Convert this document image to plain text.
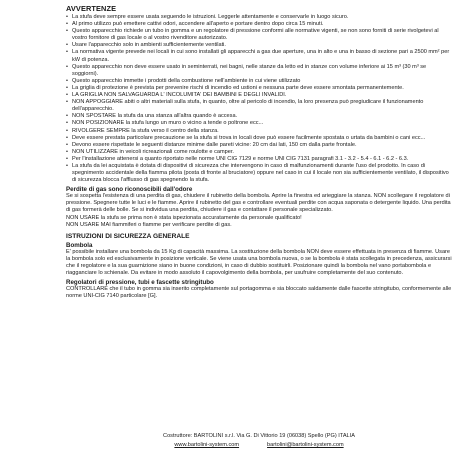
AVVERTENZE
• La stufa deve sempre essere usata seguendo le istruzioni. Leggerle attentamente e conservarle in luogo sicuro.
• Al primo utilizzo può emettere cattivi odori, accendere all'aperto e portare dentro dopo circa 15 minuti.
• Questo apparecchio richiede un tubo in gomma e un regolatore di pressione conformi alle normative vigenti, se non sono forniti di serie rivolgetevi al vostro fornitore di gas locale o al vostro rivenditore autorizzato.
• Usare l'apparecchio solo in ambienti sufficientemente ventilati.
• La normativa vigente prevede nei locali in cui sono installati gli apparecchi a gas due aperture, una in alto e una in basso di sezione pari a 2500 mm² per kW di potenza.
• Questo apparecchio non deve essere usato in seminterrati, nei bagni, nelle stanze da letto ed in stanze con volume inferiore ai 15 m³ (30 m³ se soggiorni).
• Questo apparecchio immette i prodotti della combustione nell'ambiente in cui viene utilizzato
• La griglia di protezione è prevista per prevenire rischi di incendio ed ustioni e nessuna parte deve essere smontata permanentemente.
• LA GRIGLIA NON SALVAGUARDA L' INCOLUMITA' DEI BAMBINI E DEGLI INVALIDI.
• NON APPOGGIARE abiti o altri materiali sulla stufa, in quanto, oltre al pericolo di incendio, la loro presenza può pregiudicare il funzionamento dell'apparecchio.
• NON SPOSTARE la stufa da una stanza all'altra quando è accesa.
• NON POSIZIONARE la stufa lungo un muro o vicino a tende o poltrone ecc...
• RIVOLGERE SEMPRE la stufa verso il centro della stanza.
• Deve essere prestata particolare precauzione se la stufa si trova in locali dove può essere facilmente spostata o urtata da bambini o cani ecc...
• Devono essere rispettate le seguenti distanze minime dalle pareti vicine: 20 cm dai lati, 150 cm dalla parte frontale.
• NON UTILIZZARE in veicoli ricreazionali come roulotte e camper.
• Per l'installazione attenersi a quanto riportato nelle norme UNI CIG 7129 e norme UNI CIG 7131 paragrafi 3.1 - 3.2 - 5.4 - 6.1 - 6.2 - 6.3.
• La stufa da lei acquistata è dotata di dispositivi di sicurezza che intervengono in caso di malfunzionamenti durante l'uso del prodotto. In caso di spegnimento accidentale della fiamma pilota (posta di fronte al bruciatore) oppure nel caso in cui il locale non sia sufficientemente ventilato, il dispositivo di sicurezza blocca l'afflusso di gas spegnendo la stufa.
Perdite di gas sono riconoscibili dall'odore

Se si sospetta l'esistenza di una perdita di gas, chiudere il rubinetto della bombola. Aprire la finestra ed arieggiare la stanza. NON scollegare il regolatore di pressione. Spegnere tutte le luci e le fiamme. Aprire il rubinetto del gas e controllare eventuali perdite con acqua saponata o detergente liquido. Una perdita di gas formerà delle bolle. Se si individua una perdita, chiudere il gas e contattare il personale specializzato.

NON USARE la stufa se prima non è stata ispezionata accuratamente da personale qualificato!

NON USARE MAI fiammiferi o fiamme per verificare perdite di gas.

ISTRUZIONI DI SICUREZZA GENERALE
Bombola

E' possibile installare una bombola da 15 Kg di capacità massima. La sostituzione della bombola NON deve essere effettuata in presenza di fiamme. Usare la bombola solo ed esclusivamente in posizione verticale. Se viene usata una bombola nuova, o se la bombola è stata scollegata in precedenza, assicurarsi che il regolatore e la sua guarnizione siano in buone condizioni, in caso di dubbio sostituirli. Posizionare quindi la bombola nel vano portabombola e riagganciare lo schienale. Da evitare in modo assoluto il capovolgimento della bombola, per usufruire completamente del suo contenuto.

Regolatori di pressione, tubi e fascette stringitubo

CONTROLLARE che il tubo in gomma sia inserito completamente sul portagomma e sia bloccato saldamente dalle fascette stringitubo, conformemente alle norme UNI-CIG 7140 particolare [G].

Costruttore: BARTOLINI s.r.l. Via G. Di Vittorio 19 (06038) Spello (PG) ITALIA
www.bartolini-system.com	bartolini@bartolini-system.com
